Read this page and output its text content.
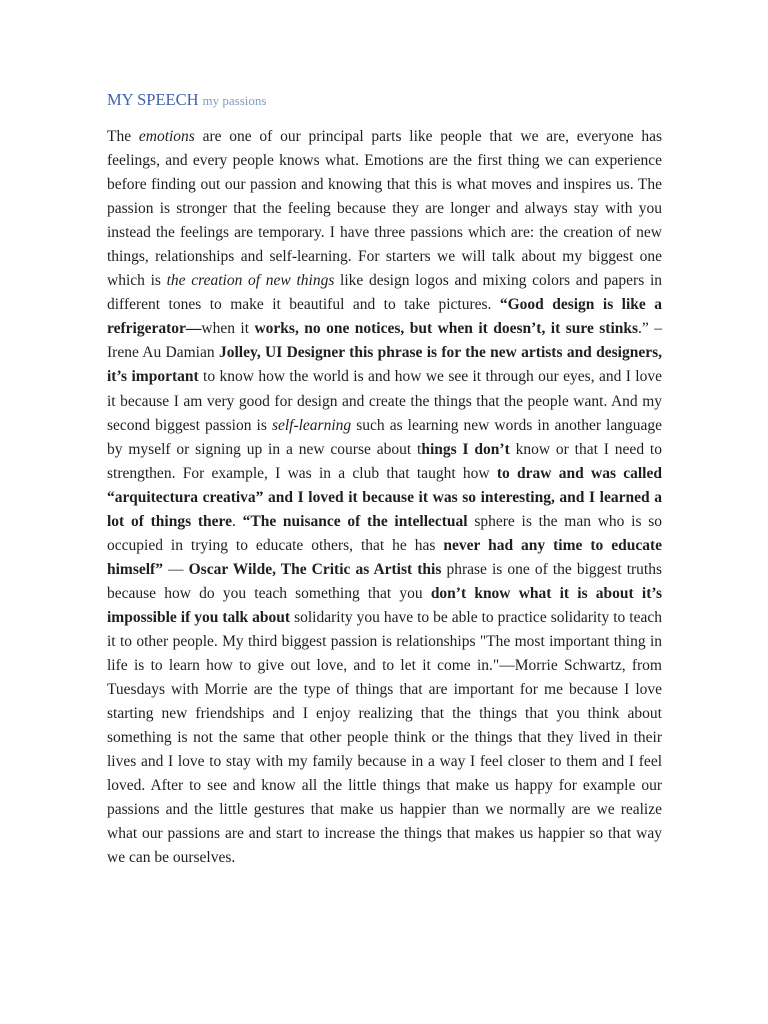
MY SPEECH my passions

The emotions are one of our principal parts like people that we are, everyone has feelings, and every people knows what. Emotions are the first thing we can experience before finding out our passion and knowing that this is what moves and inspires us. The passion is stronger that the feeling because they are longer and always stay with you instead the feelings are temporary. I have three passions which are: the creation of new things, relationships and self-learning. For starters we will talk about my biggest one which is the creation of new things like design logos and mixing colors and papers in different tones to make it beautiful and to take pictures. “Good design is like a refrigerator—when it works, no one notices, but when it doesn’t, it sure stinks.” –Irene Au Damian Jolley, UI Designer this phrase is for the new artists and designers, it’s important to know how the world is and how we see it through our eyes, and I love it because I am very good for design and create the things that the people want. And my second biggest passion is self-learning such as learning new words in another language by myself or signing up in a new course about things I don’t know or that I need to strengthen. For example, I was in a club that taught how to draw and was called “arquitectura creativa” and I loved it because it was so interesting, and I learned a lot of things there. “The nuisance of the intellectual sphere is the man who is so occupied in trying to educate others, that he has never had any time to educate himself” — Oscar Wilde, The Critic as Artist this phrase is one of the biggest truths because how do you teach something that you don’t know what it is about it’s impossible if you talk about solidarity you have to be able to practice solidarity to teach it to other people. My third biggest passion is relationships "The most important thing in life is to learn how to give out love, and to let it come in."—Morrie Schwartz, from Tuesdays with Morrie are the type of things that are important for me because I love starting new friendships and I enjoy realizing that the things that you think about something is not the same that other people think or the things that they lived in their lives and I love to stay with my family because in a way I feel closer to them and I feel loved. After to see and know all the little things that make us happy for example our passions and the little gestures that make us happier than we normally are we realize what our passions are and start to increase the things that makes us happier so that way we can be ourselves.
